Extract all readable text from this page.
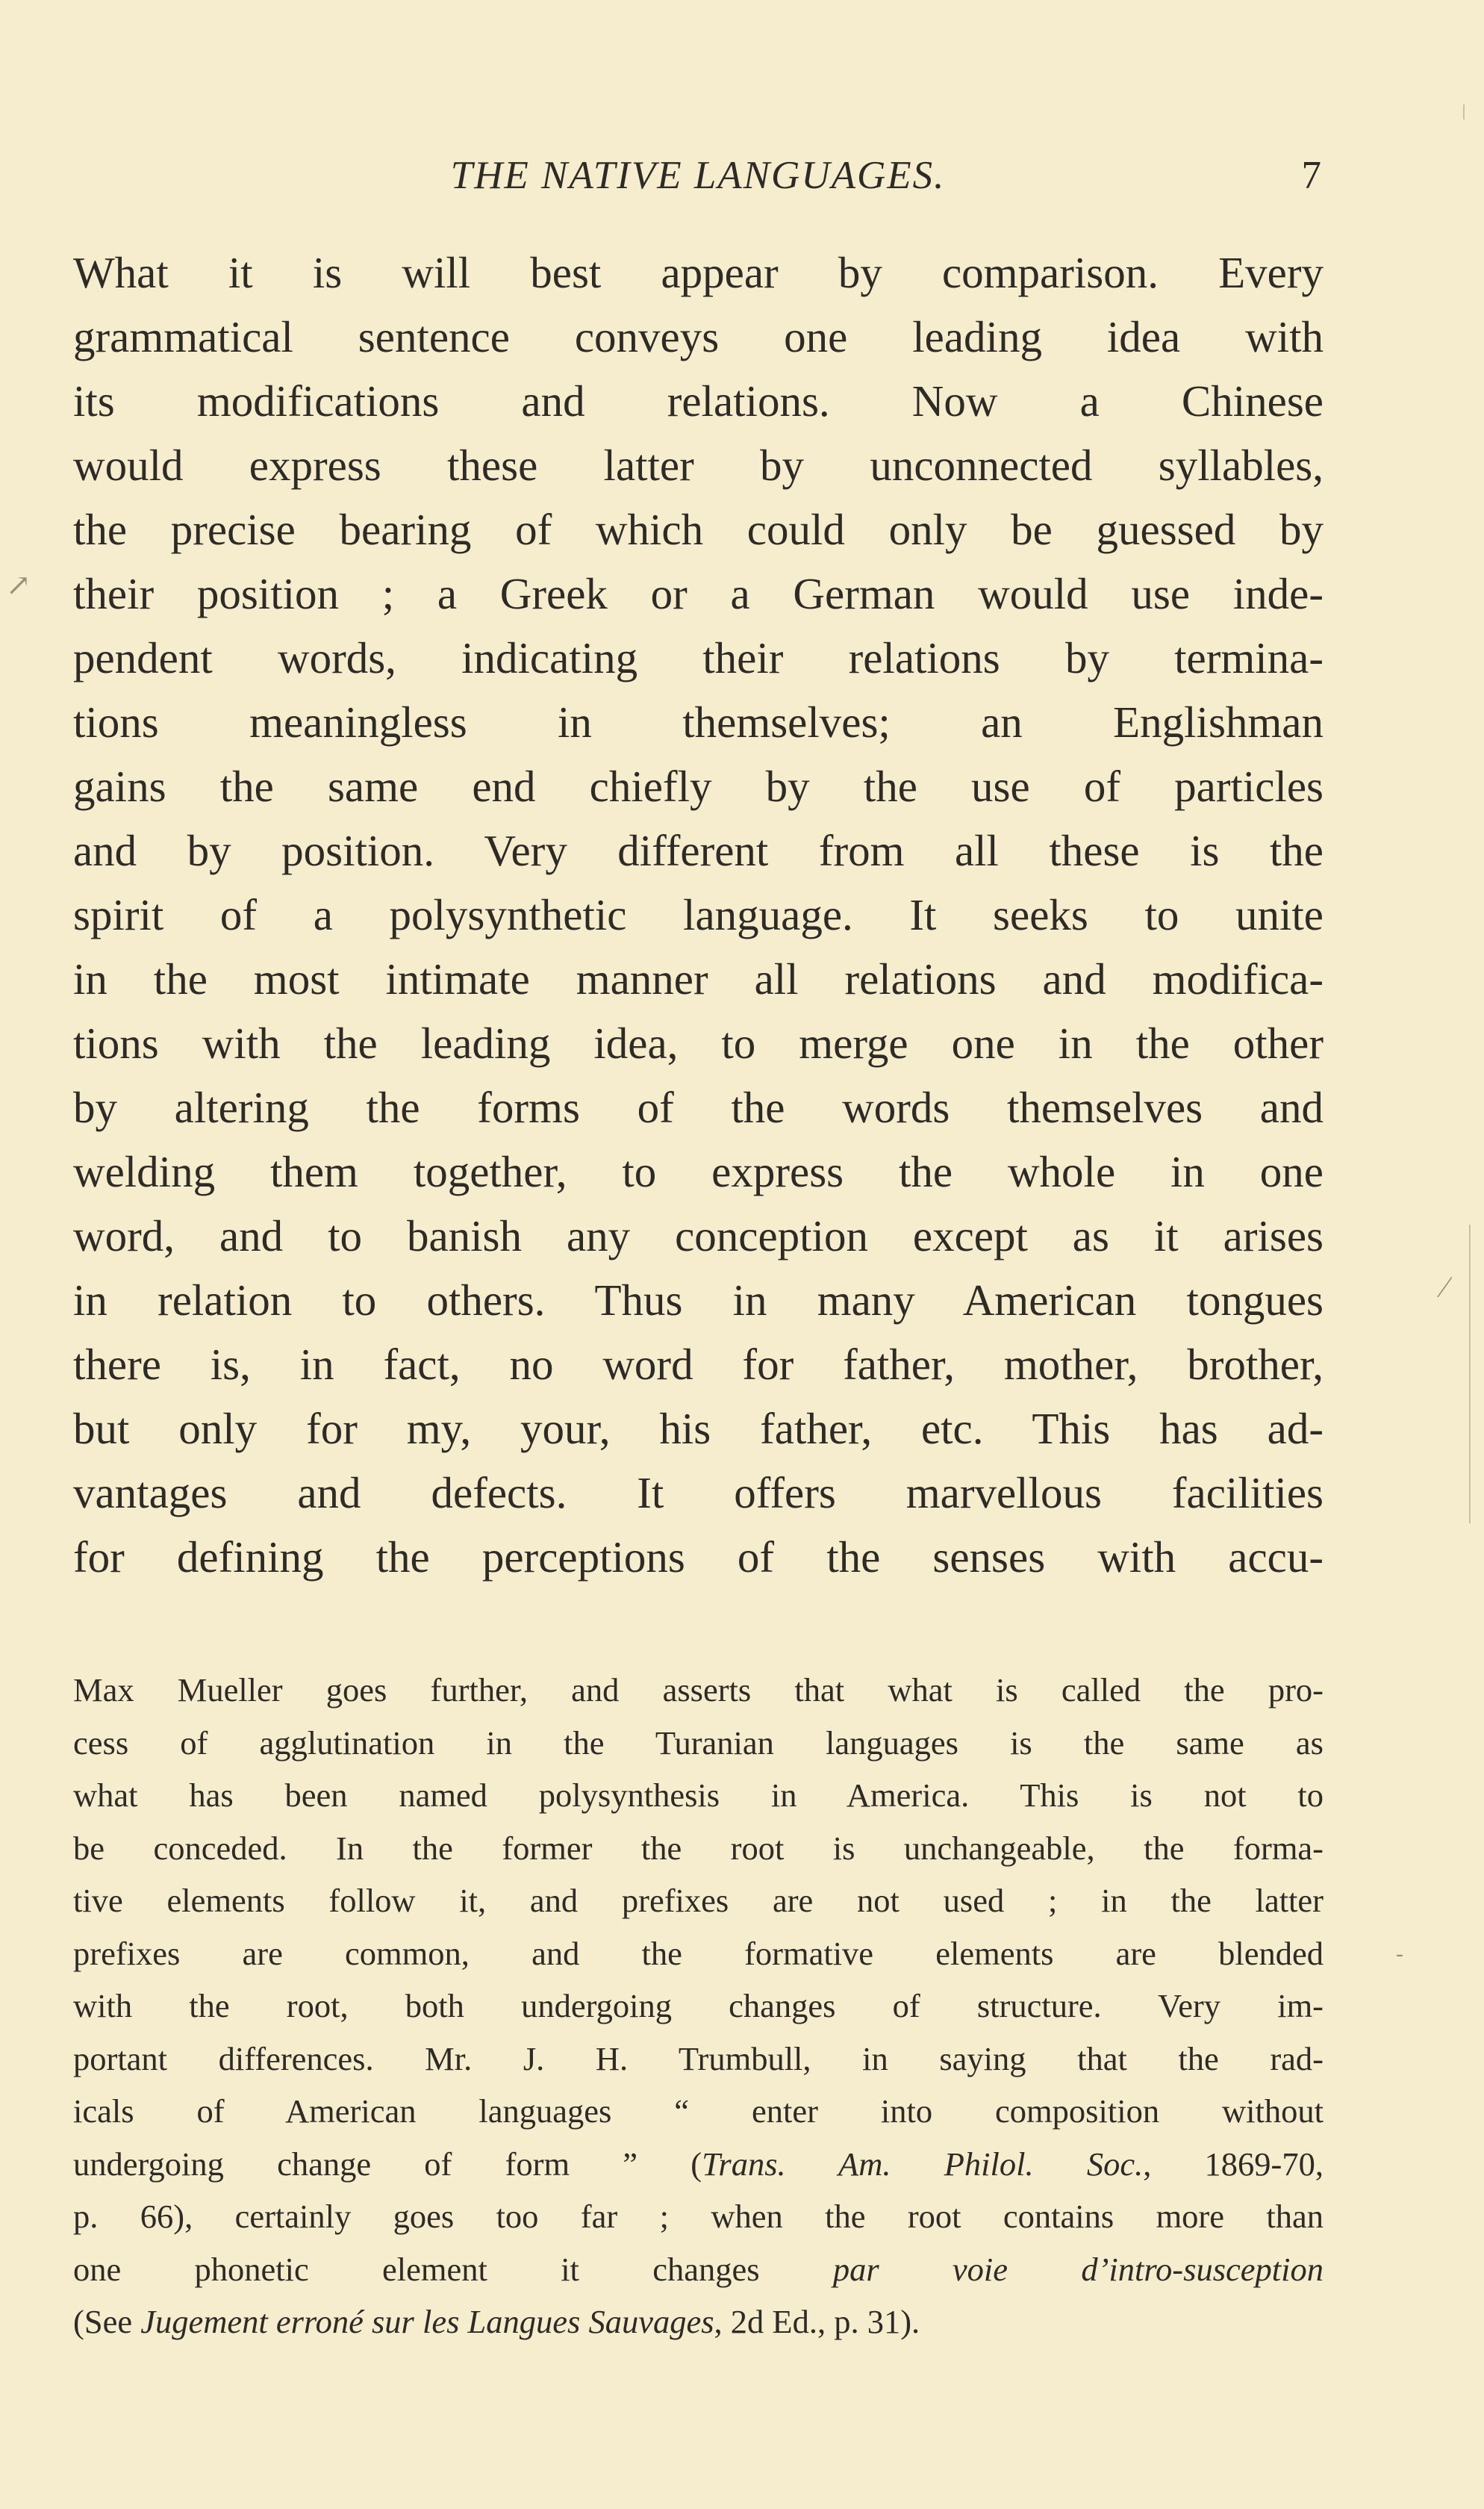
THE NATIVE LANGUAGES.	7
What it is will best appear by comparison. Every
grammatical sentence conveys one leading idea with
its modifications and relations. Now a Chinese
would express these latter by unconnected syllables,
the precise bearing of which could only be guessed by
their position ; a Greek or a German would use inde-
pendent words, indicating their relations by termina-
tions meaningless in themselves; an Englishman
gains the same end chiefly by the use of particles
and by position. Very different from all these is the
spirit of a polysynthetic language. It seeks to unite
in the most intimate manner all relations and modifica-
tions with the leading idea, to merge one in the other
by altering the forms of the words themselves and
welding them together, to express the whole in one
word, and to banish any conception except as it arises
in relation to others. Thus in many American tongues
there is, in fact, no word for father, mother, brother,
but only for my, your, his father, etc. This has ad-
vantages and defects. It offers marvellous facilities
for defining the perceptions of the senses with accu-
Max Mueller goes further, and asserts that what is called the pro-
cess of agglutination in the Turanian languages is the same as
what has been named polysynthesis in America. This is not to
be conceded. In the former the root is unchangeable, the forma-
tive elements follow it, and prefixes are not used ; in the latter
prefixes are common, and the formative elements are blended
with the root, both undergoing changes of structure. Very im-
portant differences. Mr. J. H. Trumbull, in saying that the rad-
icals of American languages “ enter into composition without
undergoing change of form ” (Trans. Am. Philol. Soc., 1869-70,
p. 66), certainly goes too far ; when the root contains more than
one phonetic element it changes par voie d’intro-susception
(See Jugement erroné sur les Langues Sauvages, 2d Ed., p. 31).
↗
⁄
‐
